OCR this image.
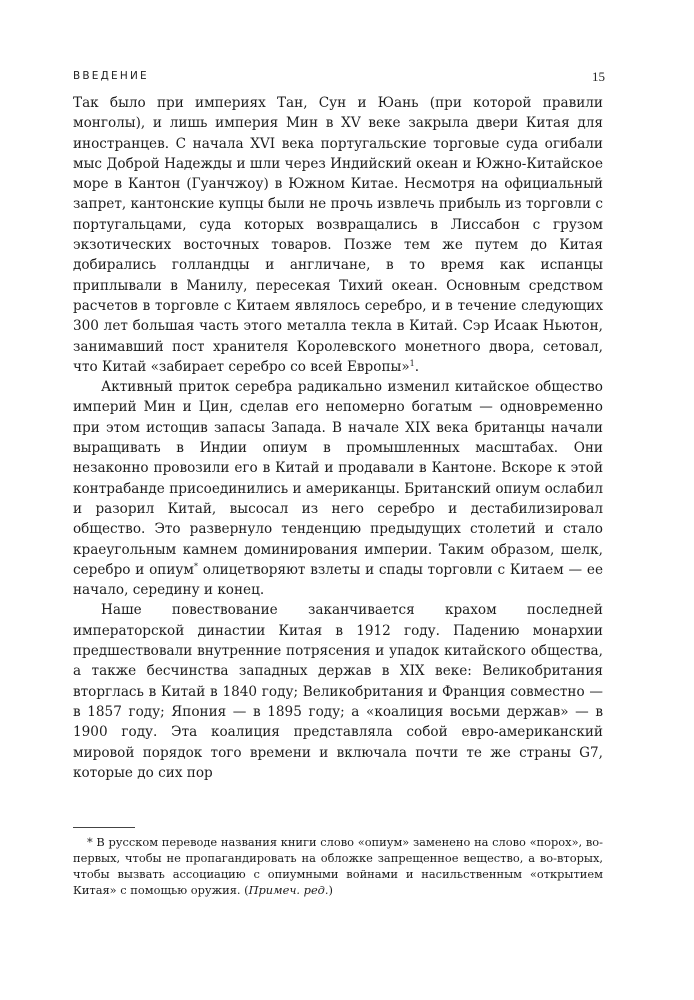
ВВЕДЕНИЕ	15

Так было при империях Тан, Сун и Юань (при которой правили монголы), и лишь империя Мин в XV веке закрыла двери Китая для иностранцев. С начала XVI века португальские торговые суда огибали мыс Доброй Надежды и шли через Индийский океан и Южно-Китайское море в Кантон (Гуанчжоу) в Южном Китае. Несмотря на официальный запрет, кантонские купцы были не прочь извлечь прибыль из торговли с португальцами, суда которых возвращались в Лиссабон с грузом экзотических восточных товаров. Позже тем же путем до Китая добирались голландцы и англичане, в то время как испанцы приплывали в Манилу, пересекая Тихий океан. Основным средством расчетов в торговле с Китаем являлось серебро, и в течение следующих 300 лет большая часть этого металла текла в Китай. Сэр Исаак Ньютон, занимавший пост хранителя Королевского монетного двора, сетовал, что Китай «забирает серебро со всей Европы»$^1$.

Активный приток серебра радикально изменил китайское общество империй Мин и Цин, сделав его непомерно богатым — одновременно при этом истощив запасы Запада. В начале XIX века британцы начали выращивать в Индии опиум в промышленных масштабах. Они незаконно провозили его в Китай и продавали в Кантоне. Вскоре к этой контрабанде присоединились и американцы. Британский опиум ослабил и разорил Китай, высосал из него серебро и дестабилизировал общество. Это развернуло тенденцию предыдущих столетий и стало краеугольным камнем доминирования империи. Таким образом, шелк, серебро и опиум* олицетворяют взлеты и спады торговли с Китаем — ее начало, середину и конец.

Наше повествование заканчивается крахом последней императорской династии Китая в 1912 году. Падению монархии предшествовали внутренние потрясения и упадок китайского общества, а также бесчинства западных держав в XIX веке: Великобритания вторглась в Китай в 1840 году; Великобритания и Франция совместно — в 1857 году; Япония — в 1895 году; а «коалиция восьми держав» — в 1900 году. Эта коалиция представляла собой евро-американский мировой порядок того времени и включала почти те же страны G7, которые до сих пор

* В русском переводе названия книги слово «опиум» заменено на слово «порох», во-первых, чтобы не пропагандировать на обложке запрещенное вещество, а во-вторых, чтобы вызвать ассоциацию с опиумными войнами и насильственным «открытием Китая» с помощью оружия. (Примеч. ред.)
